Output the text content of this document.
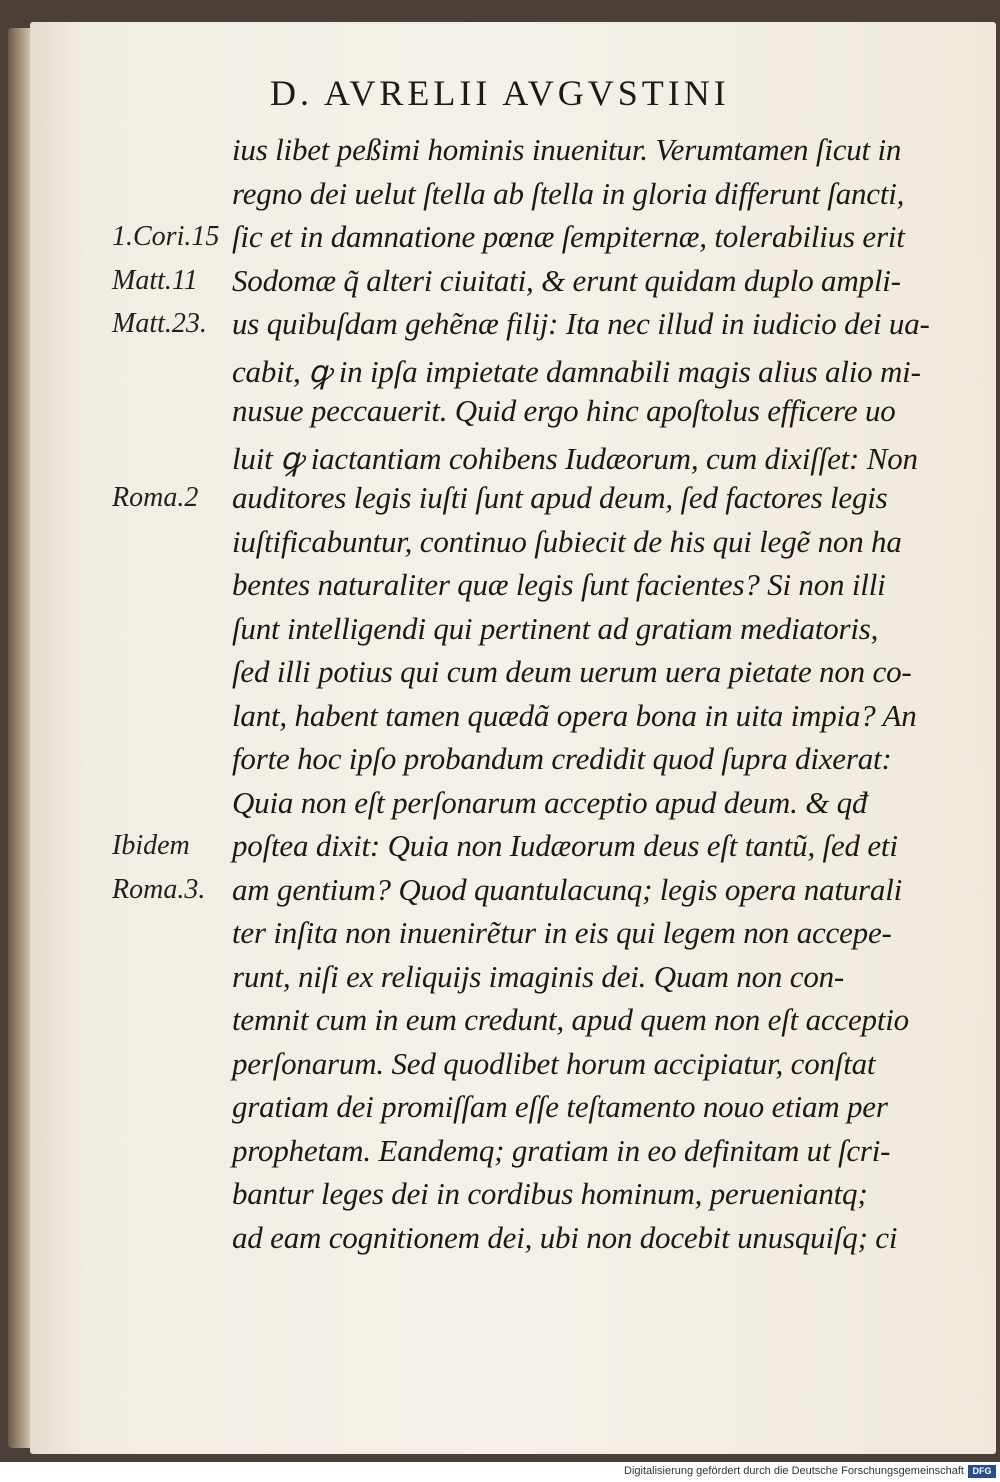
D. AVRELII AVGVSTINI
ius libet peßimi hominis inuenitur. Verumtamen ſicut in
regno dei uelut ſtella ab ſtella in gloria differunt ſancti,
ſic et in damnatione pœnæ ſempiternæ, tolerabilius erit
Sodomæ q̃ alteri ciuitati, & erunt quidam duplo ampli-
us quibuſdam gehẽnæ filij: Ita nec illud in iudicio dei ua-
cabit, ꝙ in ipſa impietate damnabili magis alius alio mi-
nusue peccauerit. Quid ergo hinc apoſtolus efficere uo
luit ꝙ iactantiam cohibens Iudæorum, cum dixiſſet: Non
auditores legis iuſti ſunt apud deum, ſed factores legis
iuſtificabuntur, continuo ſubiecit de his qui legẽ non ha
bentes naturaliter quæ legis ſunt facientes? Si non illi
ſunt intelligendi qui pertinent ad gratiam mediatoris,
ſed illi potius qui cum deum uerum uera pietate non co-
lant, habent tamen quædã opera bona in uita impia? An
forte hoc ipſo probandum credidit quod ſupra dixerat:
Quia non eſt perſonarum acceptio apud deum. & qđ
poſtea dixit: Quia non Iudæorum deus eſt tantũ, ſed eti
am gentium? Quod quantulacunq; legis opera naturali
ter inſita non inuenirẽtur in eis qui legem non accepe-
runt, niſi ex reliquijs imaginis dei. Quam non con-
temnit cum in eum credunt, apud quem non eſt acceptio
perſonarum. Sed quodlibet horum accipiatur, conſtat
gratiam dei promiſſam eſſe teſtamento nouo etiam per
prophetam. Eandemq; gratiam in eo definitam ut ſcri-
bantur leges dei in cordibus hominum, perueniantq;
ad eam cognitionem dei, ubi non docebit unusquiſq; ci
1.Cori.15
Matt.11
Matt.23.
Roma.2
Ibidem
Roma.3.
Digitalisierung gefördert durch die Deutsche Forschungsgemeinschaft DFG
